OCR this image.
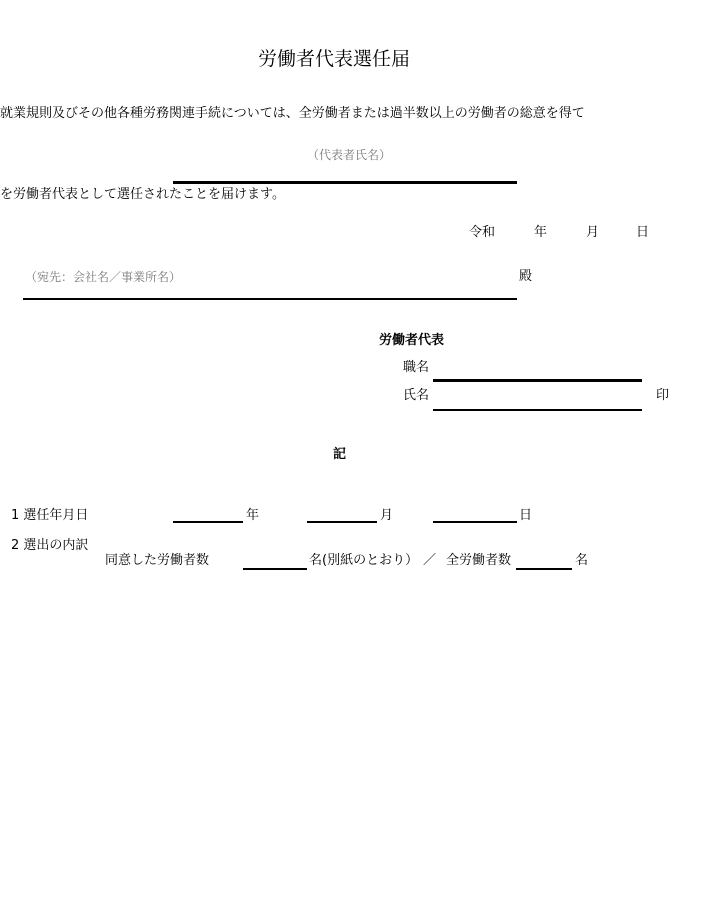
労働者代表選任届
就業規則及びその他各種労務関連手続については、全労働者または過半数以上の労働者の総意を得て
（代表者氏名）
を労働者代表として選任されたことを届けます。
令和	年	月	日
（宛先：会社名／事業所名）	殿
労働者代表
職名
氏名	印
記
1 選任年月日	年	月	日
2 選出の内訳
同意した労働者数	名(別紙のとおり） ／ 全労働者数	名
